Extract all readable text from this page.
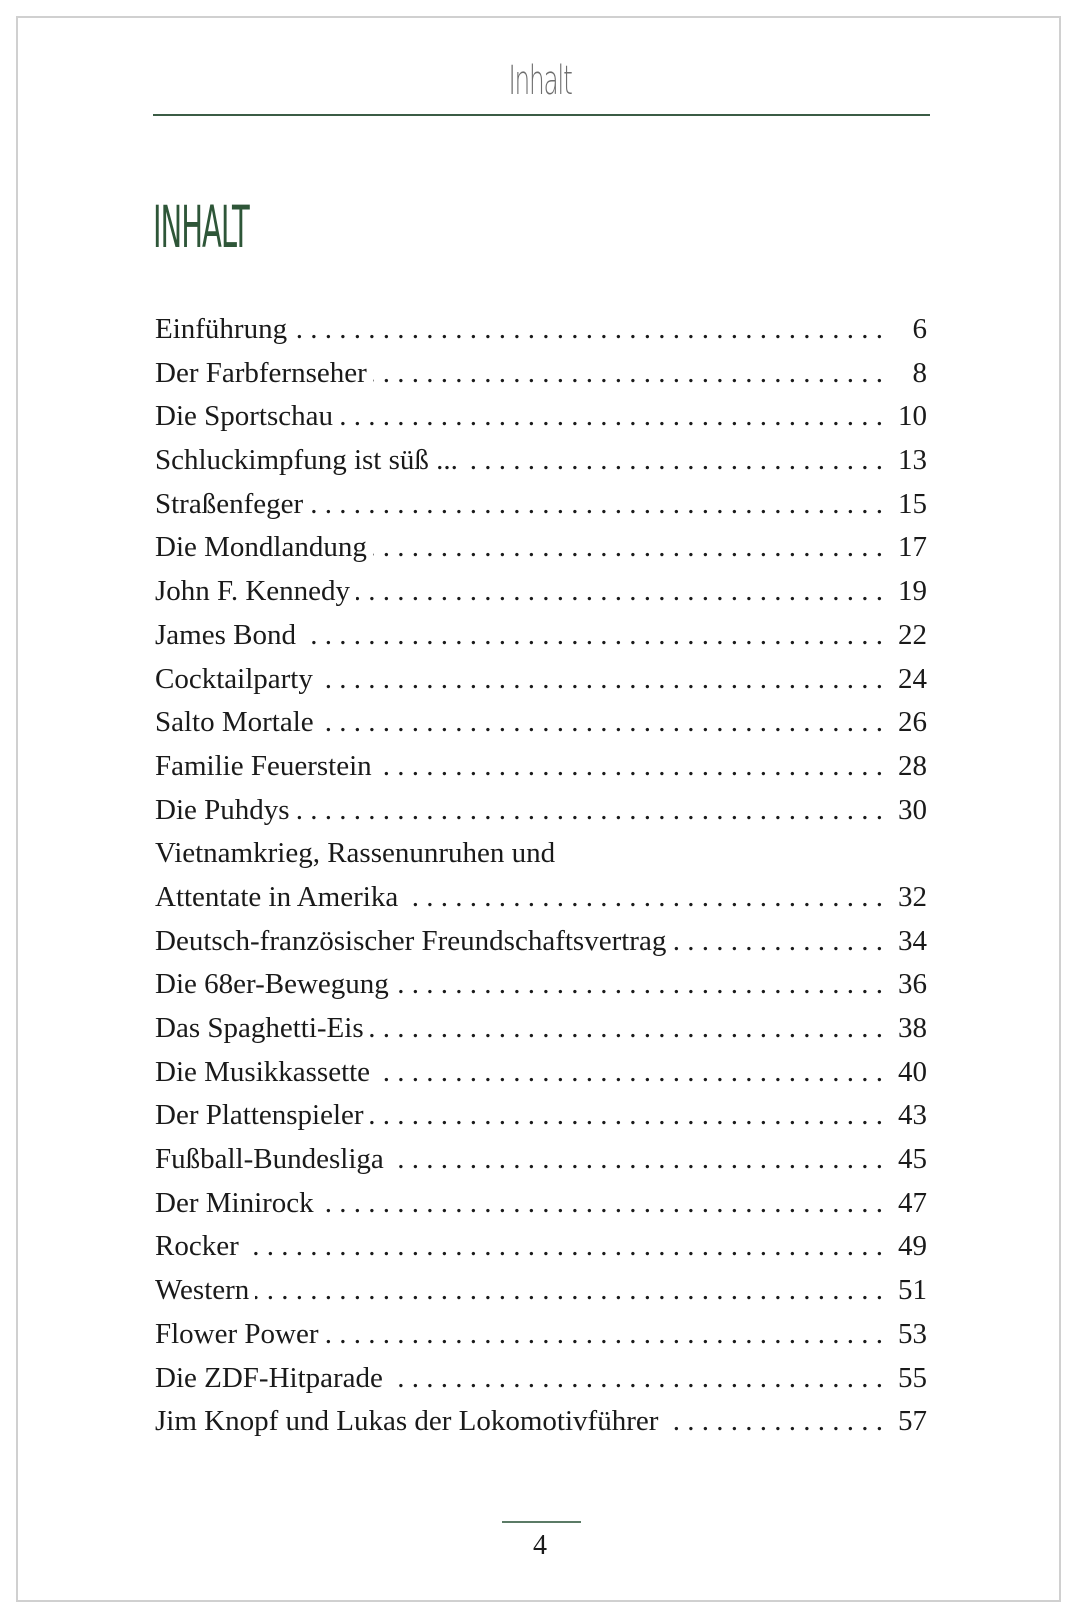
Inhalt
INHALT
Einführung . . .	6
Der Farbfernseher . . .	8
Die Sportschau . . .	10
Schluckimpfung ist süß ... . . .	13
Straßenfeger . . .	15
Die Mondlandung . . .	17
John F. Kennedy . . .	19
James Bond . . .	22
Cocktailparty . . .	24
Salto Mortale . . .	26
Familie Feuerstein . . .	28
Die Puhdys . . .	30
Vietnamkrieg, Rassenunruhen und
Attentate in Amerika . . .	32
Deutsch-französischer Freundschaftsvertrag . . .	34
Die 68er-Bewegung . . .	36
Das Spaghetti-Eis . . .	38
Die Musikkassette . . .	40
Der Plattenspieler . . .	43
Fußball-Bundesliga . . .	45
Der Minirock . . .	47
Rocker . . .	49
Western . . .	51
Flower Power . . .	53
Die ZDF-Hitparade . . .	55
Jim Knopf und Lukas der Lokomotivführer . . .	57
4
